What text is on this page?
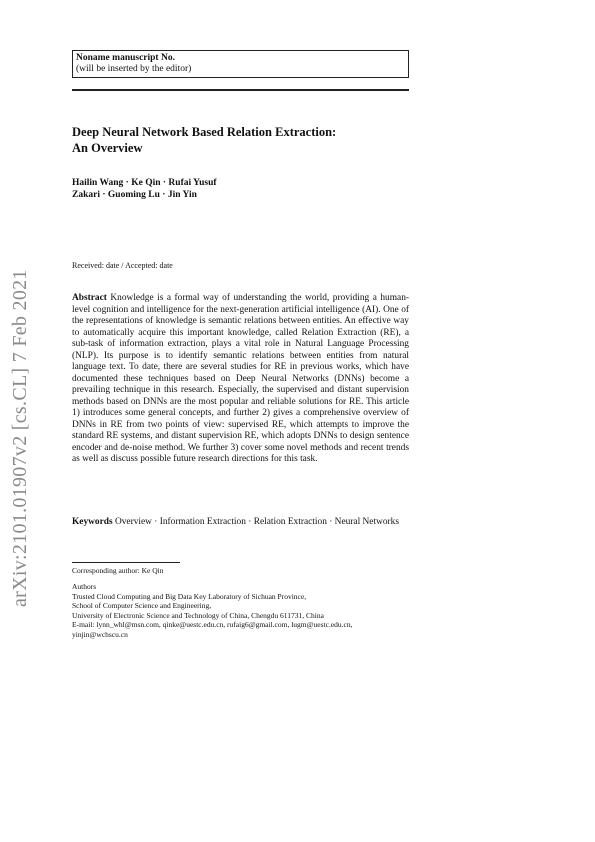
Noname manuscript No.
(will be inserted by the editor)
Deep Neural Network Based Relation Extraction:
An Overview
Hailin Wang · Ke Qin · Rufai Yusuf
Zakari · Guoming Lu · Jin Yin
Received: date / Accepted: date
Abstract Knowledge is a formal way of understanding the world, providing a human-level cognition and intelligence for the next-generation artificial intelligence (AI). One of the representations of knowledge is semantic relations between entities. An effective way to automatically acquire this important knowledge, called Relation Extraction (RE), a sub-task of information extraction, plays a vital role in Natural Language Processing (NLP). Its purpose is to identify semantic relations between entities from natural language text. To date, there are several studies for RE in previous works, which have documented these techniques based on Deep Neural Networks (DNNs) become a prevailing technique in this research. Especially, the supervised and distant supervision methods based on DNNs are the most popular and reliable solutions for RE. This article 1) introduces some general concepts, and further 2) gives a comprehensive overview of DNNs in RE from two points of view: supervised RE, which attempts to improve the standard RE systems, and distant supervision RE, which adopts DNNs to design sentence encoder and de-noise method. We further 3) cover some novel methods and recent trends as well as discuss possible future research directions for this task.
Keywords Overview · Information Extraction · Relation Extraction · Neural Networks
Corresponding author: Ke Qin
Authors
Trusted Cloud Computing and Big Data Key Laboratory of Sichuan Province,
School of Computer Science and Engineering,
University of Electronic Science and Technology of China, Chengdu 611731, China
E-mail: lynn_whl@msn.com, qinke@uestc.edu.cn, rufaig6@gmail.com, lugm@uestc.edu.cn,
yinjin@wchscu.cn
arXiv:2101.01907v2 [cs.CL] 7 Feb 2021
